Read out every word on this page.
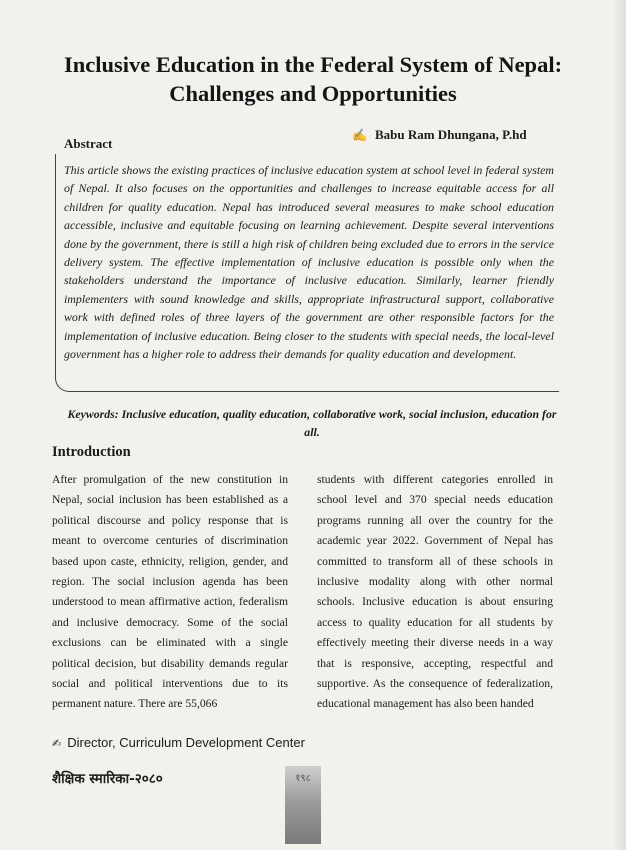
Inclusive Education in the Federal System of Nepal: Challenges and Opportunities
✍ Babu Ram Dhungana, P.hd
Abstract

This article shows the existing practices of inclusive education system at school level in federal system of Nepal. It also focuses on the opportunities and challenges to increase equitable access for all children for quality education. Nepal has introduced several measures to make school education accessible, inclusive and equitable focusing on learning achievement. Despite several interventions done by the government, there is still a high risk of children being excluded due to errors in the service delivery system. The effective implementation of inclusive education is possible only when the stakeholders understand the importance of inclusive education. Similarly, learner friendly implementers with sound knowledge and skills, appropriate infrastructural support, collaborative work with defined roles of three layers of the government are other responsible factors for the implementation of inclusive education. Being closer to the students with special needs, the local-level government has a higher role to address their demands for quality education and development.

Keywords: Inclusive education, quality education, collaborative work, social inclusion, education for all.

Introduction

After promulgation of the new constitution in Nepal, social inclusion has been established as a political discourse and policy response that is meant to overcome centuries of discrimination based upon caste, ethnicity, religion, gender, and region. The social inclusion agenda has been understood to mean affirmative action, federalism and inclusive democracy. Some of the social exclusions can be eliminated with a single political decision, but disability demands regular social and political interventions due to its permanent nature. There are 55,066

students with different categories enrolled in school level and 370 special needs education programs running all over the country for the academic year 2022. Government of Nepal has committed to transform all of these schools in inclusive modality along with other normal schools. Inclusive education is about ensuring access to quality education for all students by effectively meeting their diverse needs in a way that is responsive, accepting, respectful and supportive. As the consequence of federalization, educational management has also been handed

✍ Director, Curriculum Development Center
शैक्षिक स्मारिका-२०८०	१९८
